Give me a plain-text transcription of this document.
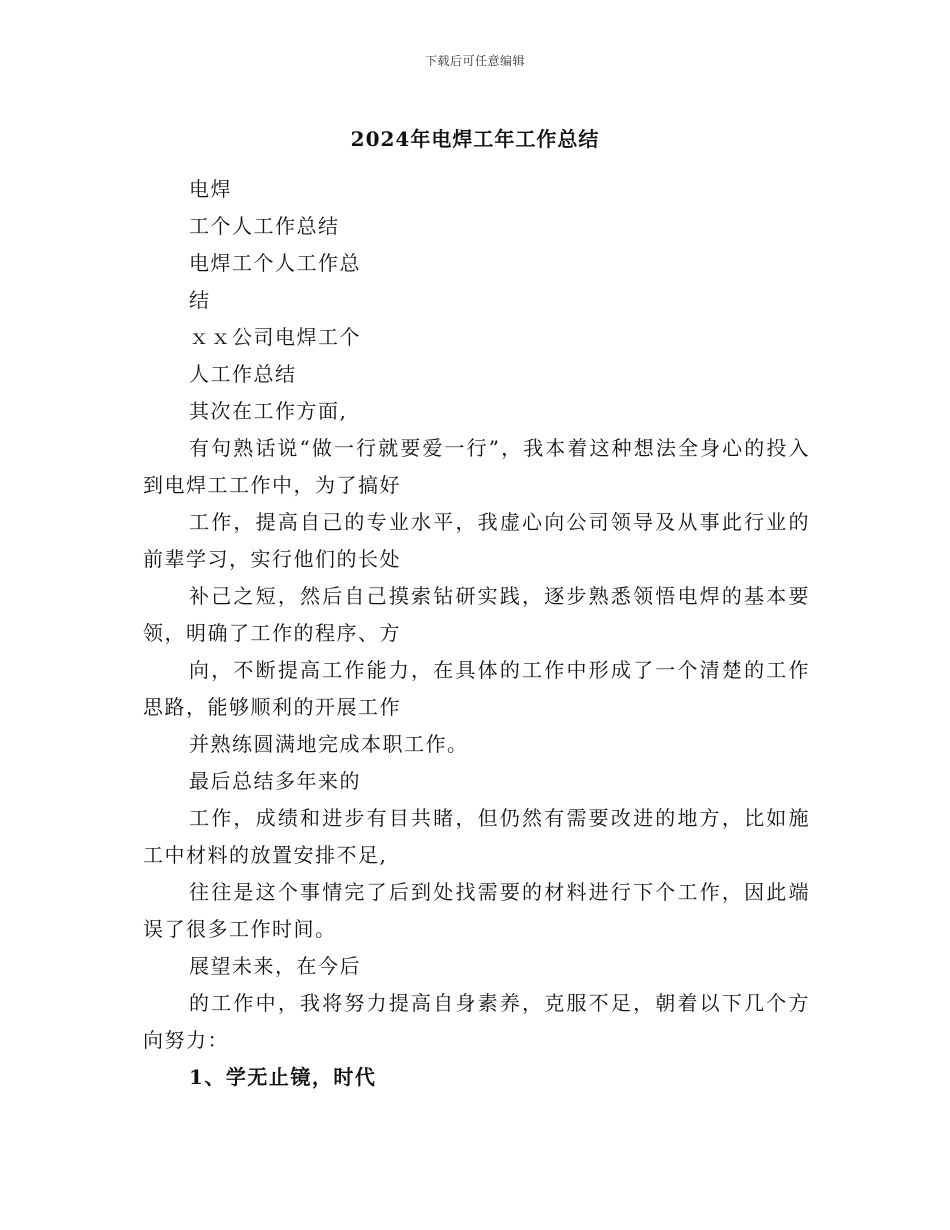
下载后可任意编辑
2024年电焊工年工作总结

电焊

工个人工作总结

电焊工个人工作总

结

ｘｘ公司电焊工个

人工作总结

其次在工作方面,

有句熟话说“做一行就要爱一行”，我本着这种想法全身心的投入到电焊工工作中，为了搞好

工作，提高自己的专业水平，我虚心向公司领导及从事此行业的前辈学习，实行他们的长处

补己之短，然后自己摸索钻研实践，逐步熟悉领悟电焊的基本要领，明确了工作的程序、方

向，不断提高工作能力，在具体的工作中形成了一个清楚的工作思路，能够顺利的开展工作

并熟练圆满地完成本职工作。

最后总结多年来的

工作，成绩和进步有目共睹，但仍然有需要改进的地方，比如施工中材料的放置安排不足,

往往是这个事情完了后到处找需要的材料进行下个工作，因此端误了很多工作时间。

展望未来，在今后

的工作中，我将努力提高自身素养，克服不足，朝着以下几个方向努力：

1、学无止镜，时代
